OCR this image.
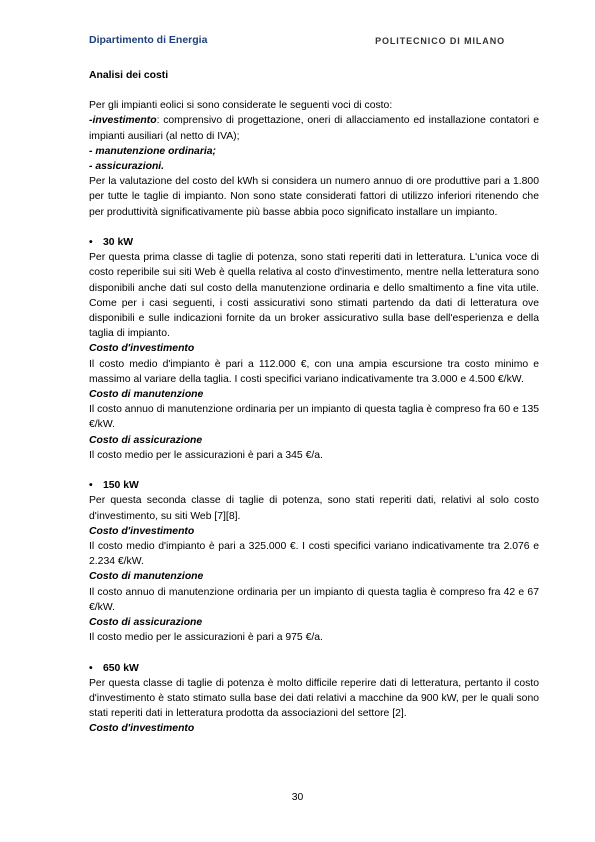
Dipartimento di Energia	POLITECNICO DI MILANO

Analisi dei costi

Per gli impianti eolici si sono considerate le seguenti voci di costo:

-investimento: comprensivo di progettazione, oneri di allacciamento ed installazione contatori e impianti ausiliari (al netto di IVA);

- manutenzione ordinaria;

- assicurazioni.

Per la valutazione del costo del kWh si considera un numero annuo di ore produttive pari a 1.800 per tutte le taglie di impianto. Non sono state considerati fattori di utilizzo inferiori ritenendo che per produttività significativamente più basse abbia poco significato installare un impianto.

• 30 kW

Per questa prima classe di taglie di potenza, sono stati reperiti dati in letteratura. L'unica voce di costo reperibile sui siti Web è quella relativa al costo d'investimento, mentre nella letteratura sono disponibili anche dati sul costo della manutenzione ordinaria e dello smaltimento a fine vita utile. Come per i casi seguenti, i costi assicurativi sono stimati partendo da dati di letteratura ove disponibili e sulle indicazioni fornite da un broker assicurativo sulla base dell'esperienza e della taglia di impianto.

Costo d'investimento

Il costo medio d'impianto è pari a 112.000 €, con una ampia escursione tra costo minimo e massimo al variare della taglia. I costi specifici variano indicativamente tra 3.000 e 4.500 €/kW.

Costo di manutenzione

Il costo annuo di manutenzione ordinaria per un impianto di questa taglia è compreso fra 60 e 135 €/kW.

Costo di assicurazione

Il costo medio per le assicurazioni è pari a 345 €/a.

• 150 kW

Per questa seconda classe di taglie di potenza, sono stati reperiti dati, relativi al solo costo d'investimento, su siti Web [7][8].

Costo d'investimento

Il costo medio d'impianto è pari a 325.000 €. I costi specifici variano indicativamente tra 2.076 e 2.234 €/kW.

Costo di manutenzione

Il costo annuo di manutenzione ordinaria per un impianto di questa taglia è compreso fra 42 e 67 €/kW.

Costo di assicurazione

Il costo medio per le assicurazioni è pari a 975 €/a.

• 650 kW

Per questa classe di taglie di potenza è molto difficile reperire dati di letteratura, pertanto il costo d'investimento è stato stimato sulla base dei dati relativi a macchine da 900 kW, per le quali sono stati reperiti dati in letteratura prodotta da associazioni del settore [2].

Costo d'investimento

30
